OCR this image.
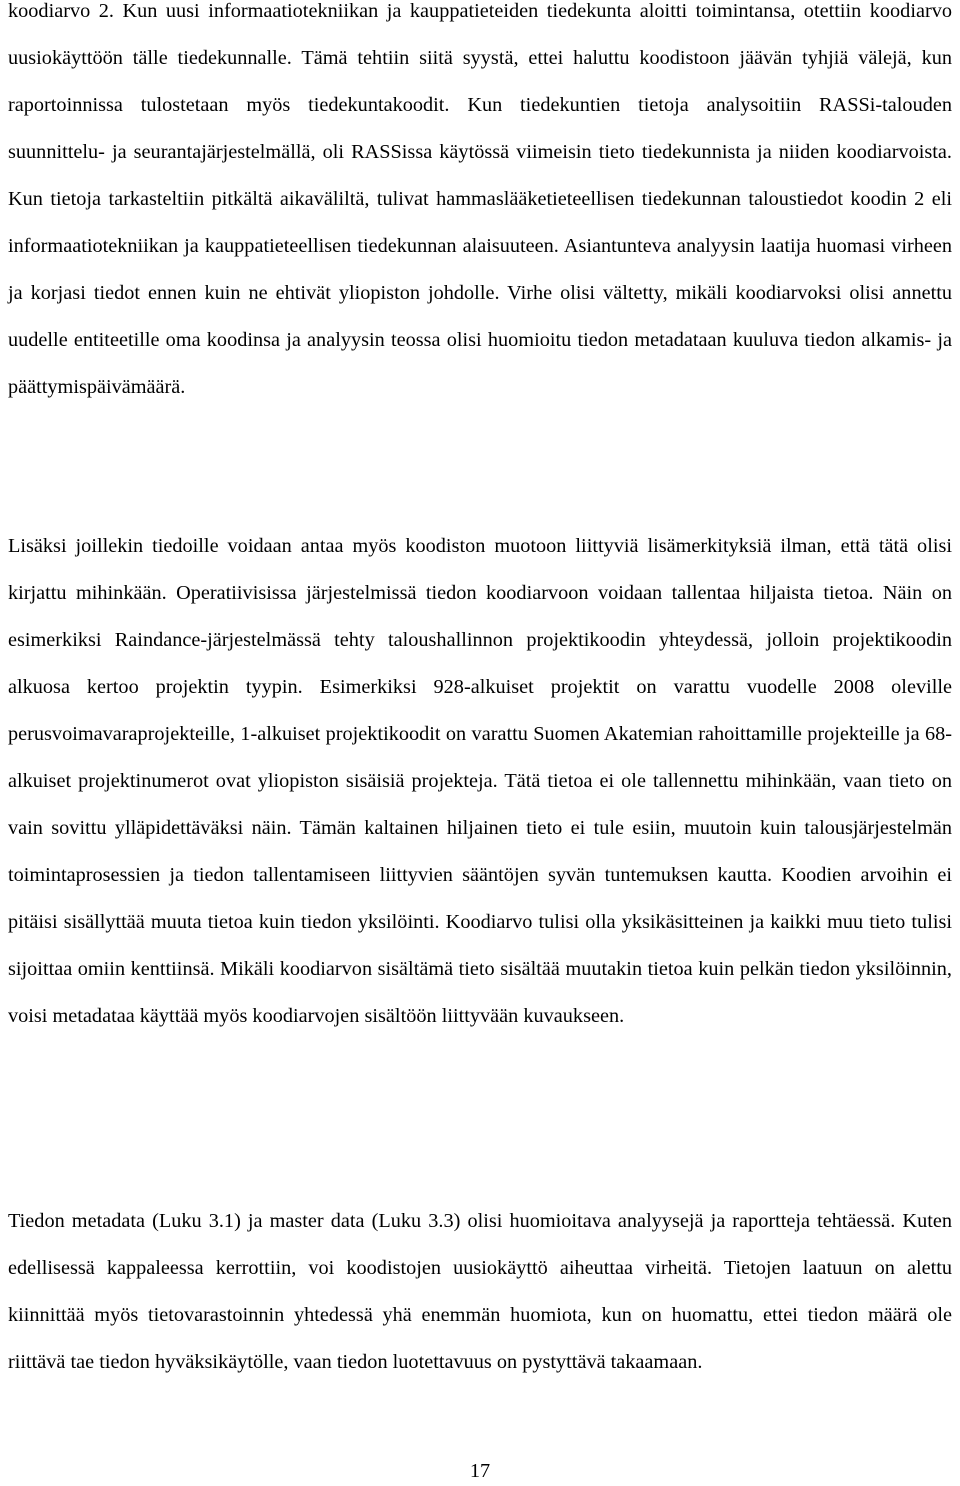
koodiarvo 2. Kun uusi informaatiotekniikan ja kauppatieteiden tiedekunta aloitti toimintansa, otettiin koodiarvo uusiokäyttöön tälle tiedekunnalle. Tämä tehtiin siitä syystä, ettei haluttu koodistoon jäävän tyhjiä välejä, kun raportoinnissa tulostetaan myös tiedekuntakoodit. Kun tiedekuntien tietoja analysoitiin RASSi-talouden suunnittelu- ja seurantajärjestelmällä, oli RASSissa käytössä viimeisin tieto tiedekunnista ja niiden koodiarvoista. Kun tietoja tarkasteltiin pitkältä aikaväliltä, tulivat hammaslääketieteellisen tiedekunnan taloustiedot koodin 2 eli informaatiotekniikan ja kauppatieteellisen tiedekunnan alaisuuteen. Asiantunteva analyysin laatija huomasi virheen ja korjasi tiedot ennen kuin ne ehtivät yliopiston johdolle. Virhe olisi vältetty, mikäli koodiarvoksi olisi annettu uudelle entiteetille oma koodinsa ja analyysin teossa olisi huomioitu tiedon metadataan kuuluva tiedon alkamis- ja päättymispäivämäärä.

Lisäksi joillekin tiedoille voidaan antaa myös koodiston muotoon liittyviä lisämerkityksiä ilman, että tätä olisi kirjattu mihinkään. Operatiivisissa järjestelmissä tiedon koodiarvoon voidaan tallentaa hiljaista tietoa. Näin on esimerkiksi Raindance-järjestelmässä tehty taloushallinnon projektikoodin yhteydessä, jolloin projektikoodin alkuosa kertoo projektin tyypin. Esimerkiksi 928-alkuiset projektit on varattu vuodelle 2008 oleville perusvoimavaraprojekteille, 1-alkuiset projektikoodit on varattu Suomen Akatemian rahoittamille projekteille ja 68-alkuiset projektinumerot ovat yliopiston sisäisiä projekteja. Tätä tietoa ei ole tallennettu mihinkään, vaan tieto on vain sovittu ylläpidettäväksi näin. Tämän kaltainen hiljainen tieto ei tule esiin, muutoin kuin talousjärjestelmän toimintaprosessien ja tiedon tallentamiseen liittyvien sääntöjen syvän tuntemuksen kautta. Koodien arvoihin ei pitäisi sisällyttää muuta tietoa kuin tiedon yksilöinti. Koodiarvo tulisi olla yksikäsitteinen ja kaikki muu tieto tulisi sijoittaa omiin kenttiinsä. Mikäli koodiarvon sisältämä tieto sisältää muutakin tietoa kuin pelkän tiedon yksilöinnin, voisi metadataa käyttää myös koodiarvojen sisältöön liittyvään kuvaukseen.

Tiedon metadata (Luku 3.1) ja master data (Luku 3.3) olisi huomioitava analyysejä ja raportteja tehtäessä. Kuten edellisessä kappaleessa kerrottiin, voi koodistojen uusiokäyttö aiheuttaa virheitä. Tietojen laatuun on alettu kiinnittää myös tietovarastoinnin yhtedessä yhä enemmän huomiota, kun on huomattu, ettei tiedon määrä ole riittävä tae tiedon hyväksikäytölle, vaan tiedon luotettavuus on pystyttävä takaamaan.

17
